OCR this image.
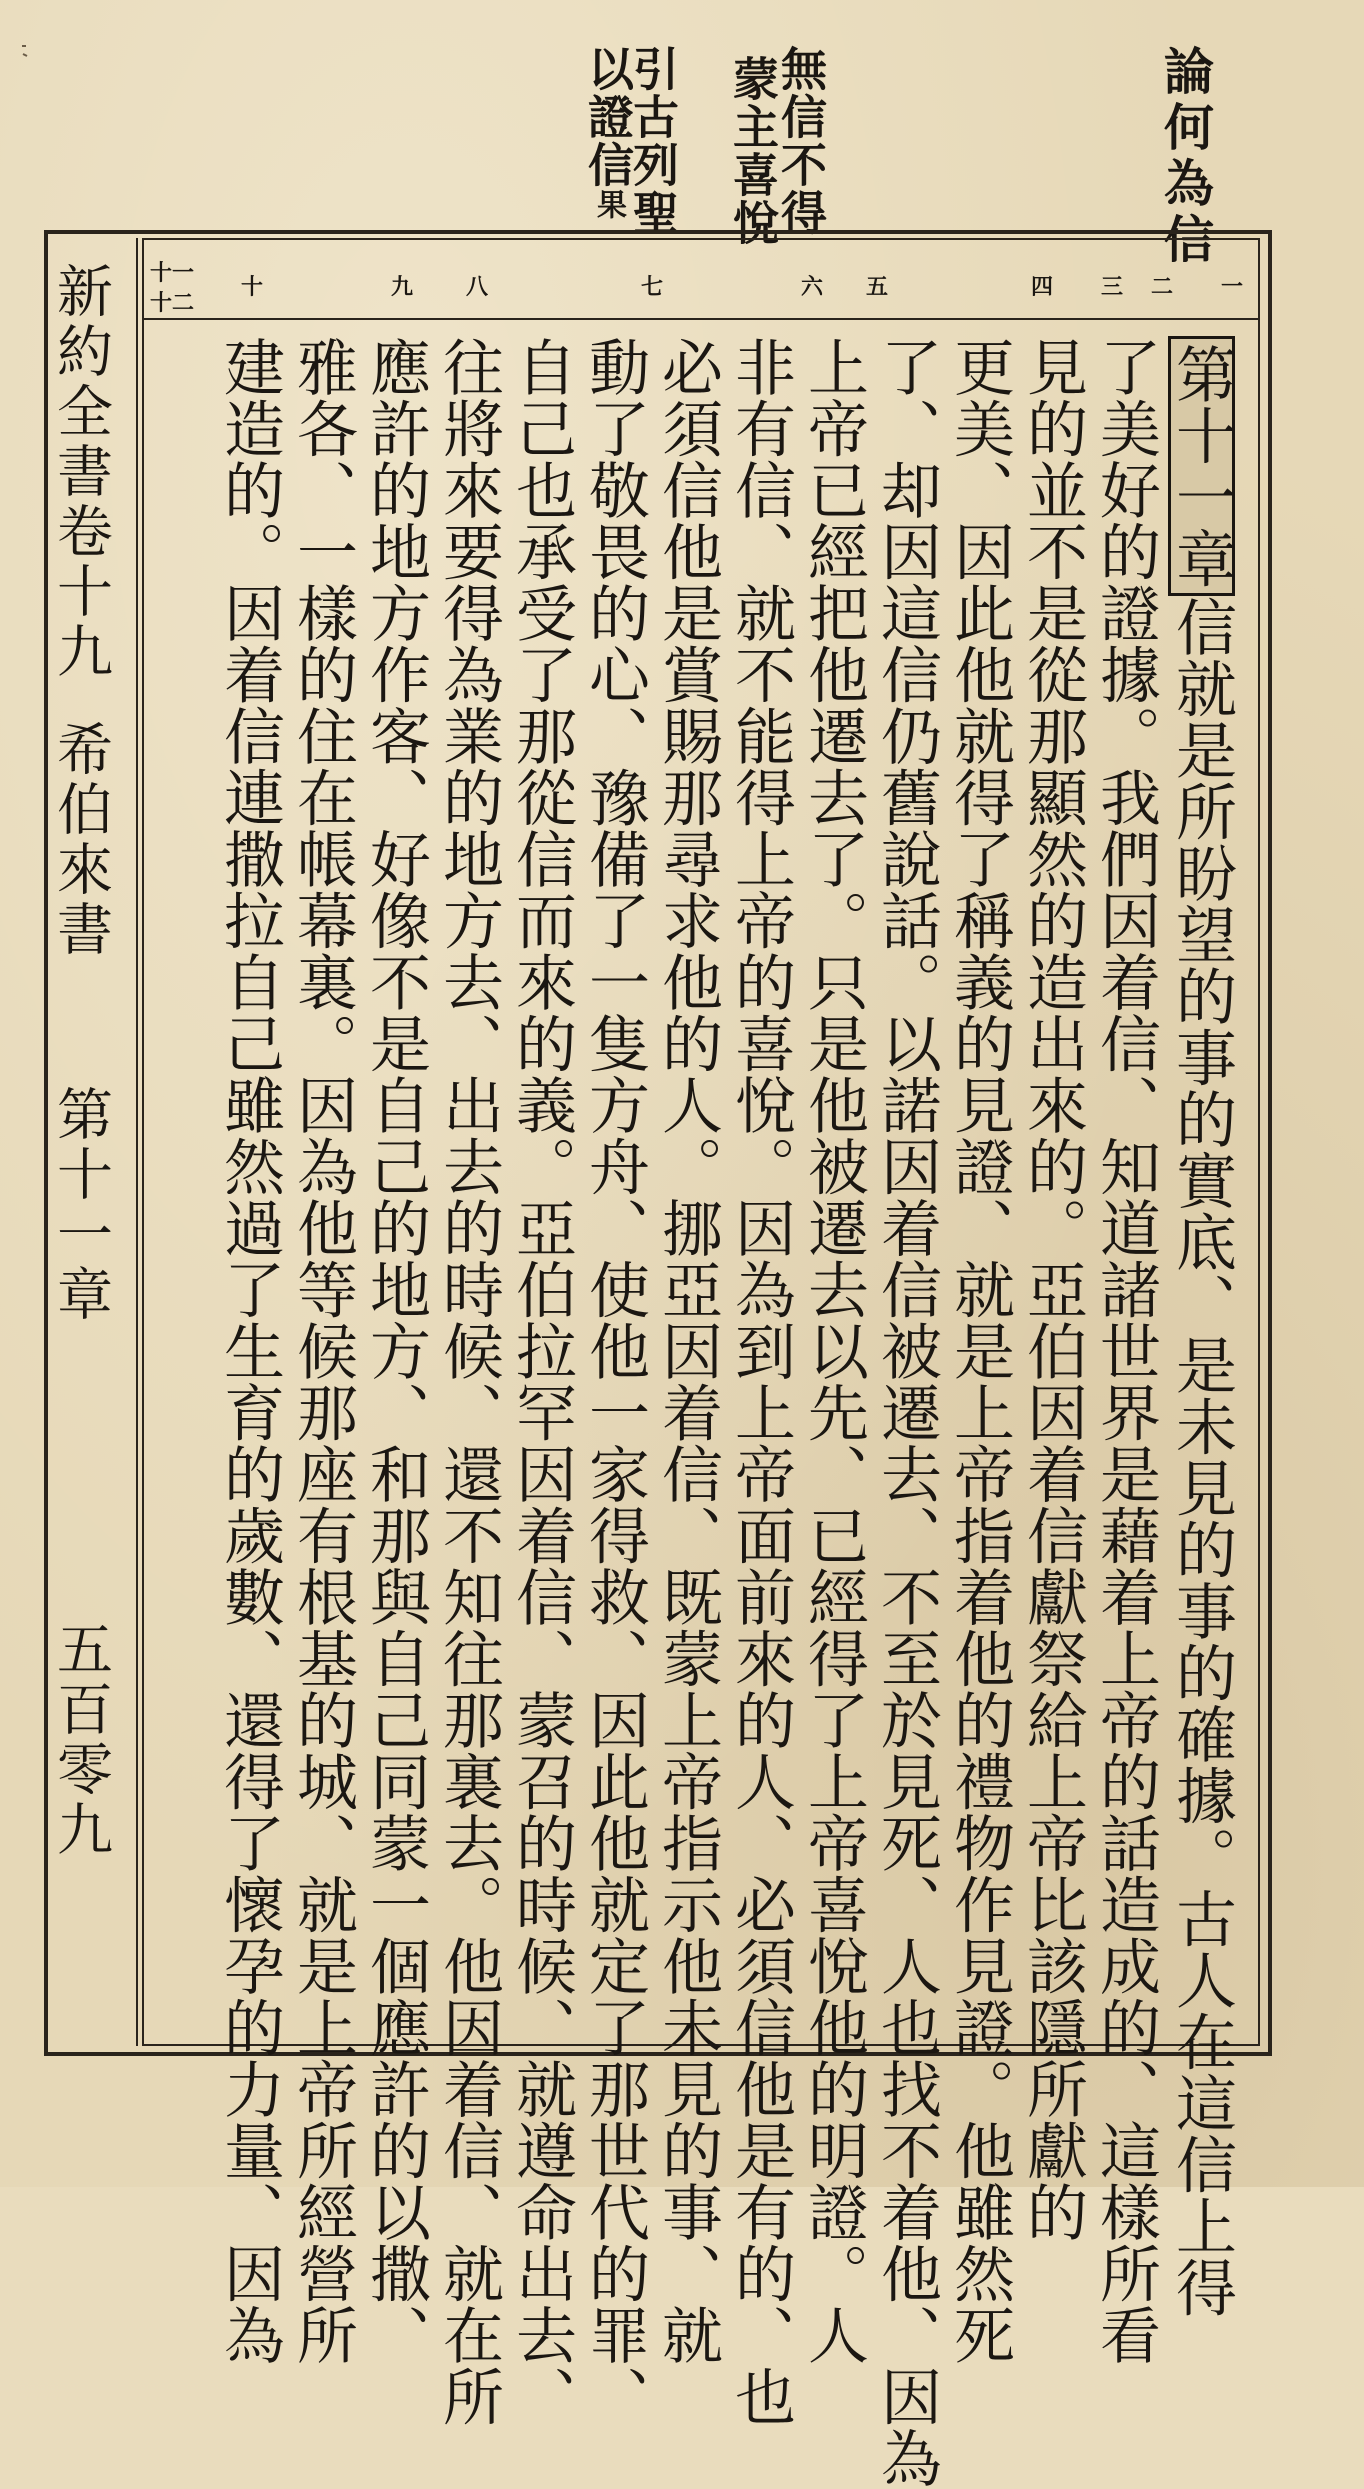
論何為信
無信不得
蒙主喜悅
引古列聖
以證信果
一
二
三
四
五
六
七
八
九
十
十一
十二
第十一章信就是所盼望的事的實底、是未見的事的確據。古人在這信上得
了美好的證據。我們因着信、知道諸世界是藉着上帝的話造成的、這樣所看
見的並不是從那顯然的造出來的。亞伯因着信獻祭給上帝比該隱所獻的
更美、因此他就得了稱義的見證、就是上帝指着他的禮物作見證。他雖然死
了、却因這信仍舊說話。以諾因着信被遷去、不至於見死、人也找不着他、因為
上帝已經把他遷去了。只是他被遷去以先、已經得了上帝喜悅他的明證。人
非有信、就不能得上帝的喜悅。因為到上帝面前來的人、必須信他是有的、也
必須信他是賞賜那尋求他的人。挪亞因着信、既蒙上帝指示他未見的事、就
動了敬畏的心、豫備了一隻方舟、使他一家得救、因此他就定了那世代的罪、
自己也承受了那從信而來的義。亞伯拉罕因着信、蒙召的時候、就遵命出去、
往將來要得為業的地方去、出去的時候、還不知往那裏去。他因着信、就在所
應許的地方作客、好像不是自己的地方、和那與自己同蒙一個應許的以撒、
雅各、一樣的住在帳幕裏。因為他等候那座有根基的城、就是上帝所經營所
建造的。因着信連撒拉自己雖然過了生育的歲數、還得了懷孕的力量、因為
新約全書卷十九
希伯來書
第十一章
五百零九
